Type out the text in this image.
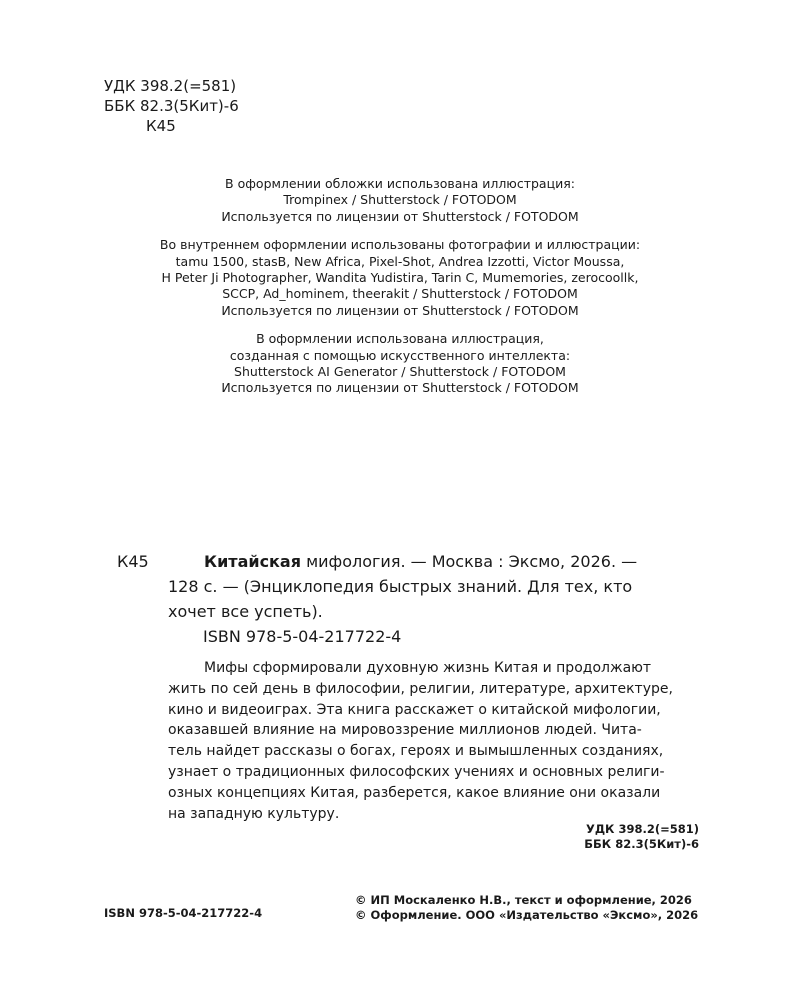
УДК 398.2(=581)
ББК 82.3(5Кит)-6
К45
В оформлении обложки использована иллюстрация:
Trompinex / Shutterstock / FOTODOM
Используется по лицензии от Shutterstock / FOTODOM
Во внутреннем оформлении использованы фотографии и иллюстрации:
tamu 1500, stasB, New Africa, Pixel-Shot, Andrea Izzotti, Victor Moussa,
H Peter Ji Photographer, Wandita Yudistira, Tarin C, Mumemories, zerocoollk,
SCCP, Ad_hominem, theerakit / Shutterstock / FOTODOM
Используется по лицензии от Shutterstock / FOTODOM
В оформлении использована иллюстрация,
созданная с помощью искусственного интеллекта:
Shutterstock AI Generator / Shutterstock / FOTODOM
Используется по лицензии от Shutterstock / FOTODOM
К45	Китайская мифология. — Москва : Эксмо, 2026. —
128 с. — (Энциклопедия быстрых знаний. Для тех, кто
хочет все успеть).
ISBN 978-5-04-217722-4
Мифы сформировали духовную жизнь Китая и продолжают
жить по сей день в философии, религии, литературе, архитектуре,
кино и видеоиграх. Эта книга расскажет о китайской мифологии,
оказавшей влияние на мировоззрение миллионов людей. Чита-
тель найдет рассказы о богах, героях и вымышленных созданиях,
узнает о традиционных философских учениях и основных религи-
озных концепциях Китая, разберется, какое влияние они оказали
на западную культуру.
УДК 398.2(=581)
ББК 82.3(5Кит)-6
ISBN 978-5-04-217722-4
© ИП Москаленко Н.В., текст и оформление, 2026
© Оформление. ООО «Издательство «Эксмо», 2026
